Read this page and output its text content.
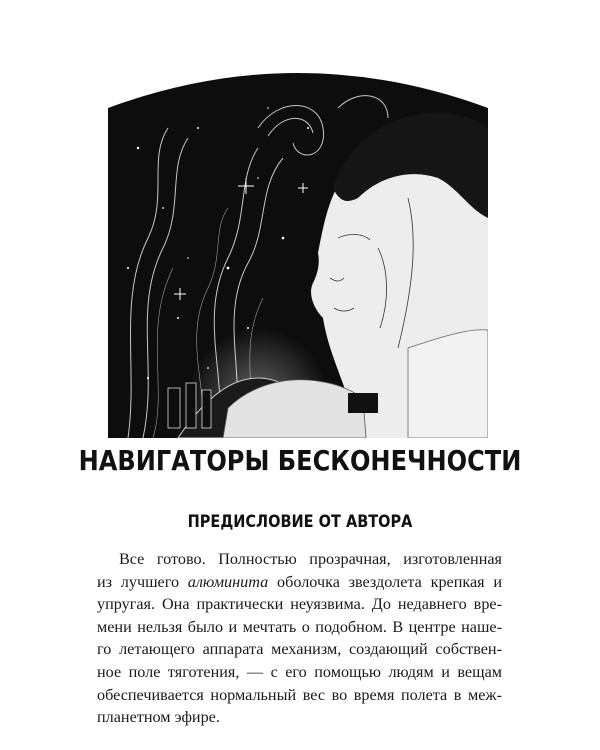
НАВИГАТОРЫ БЕСКОНЕЧНОСТИ
ПРЕДИСЛОВИЕ ОТ АВТОРА
Все готово. Полностью прозрачная, изготовленная
из лучшего алюминита оболочка звездолета крепкая и
упругая. Она практически неуязвима. До недавнего вре-
мени нельзя было и мечтать о подобном. В центре наше-
го летающего аппарата механизм, создающий собствен-
ное поле тяготения, — с его помощью людям и вещам
обеспечивается нормальный вес во время полета в меж-
планетном эфире.
